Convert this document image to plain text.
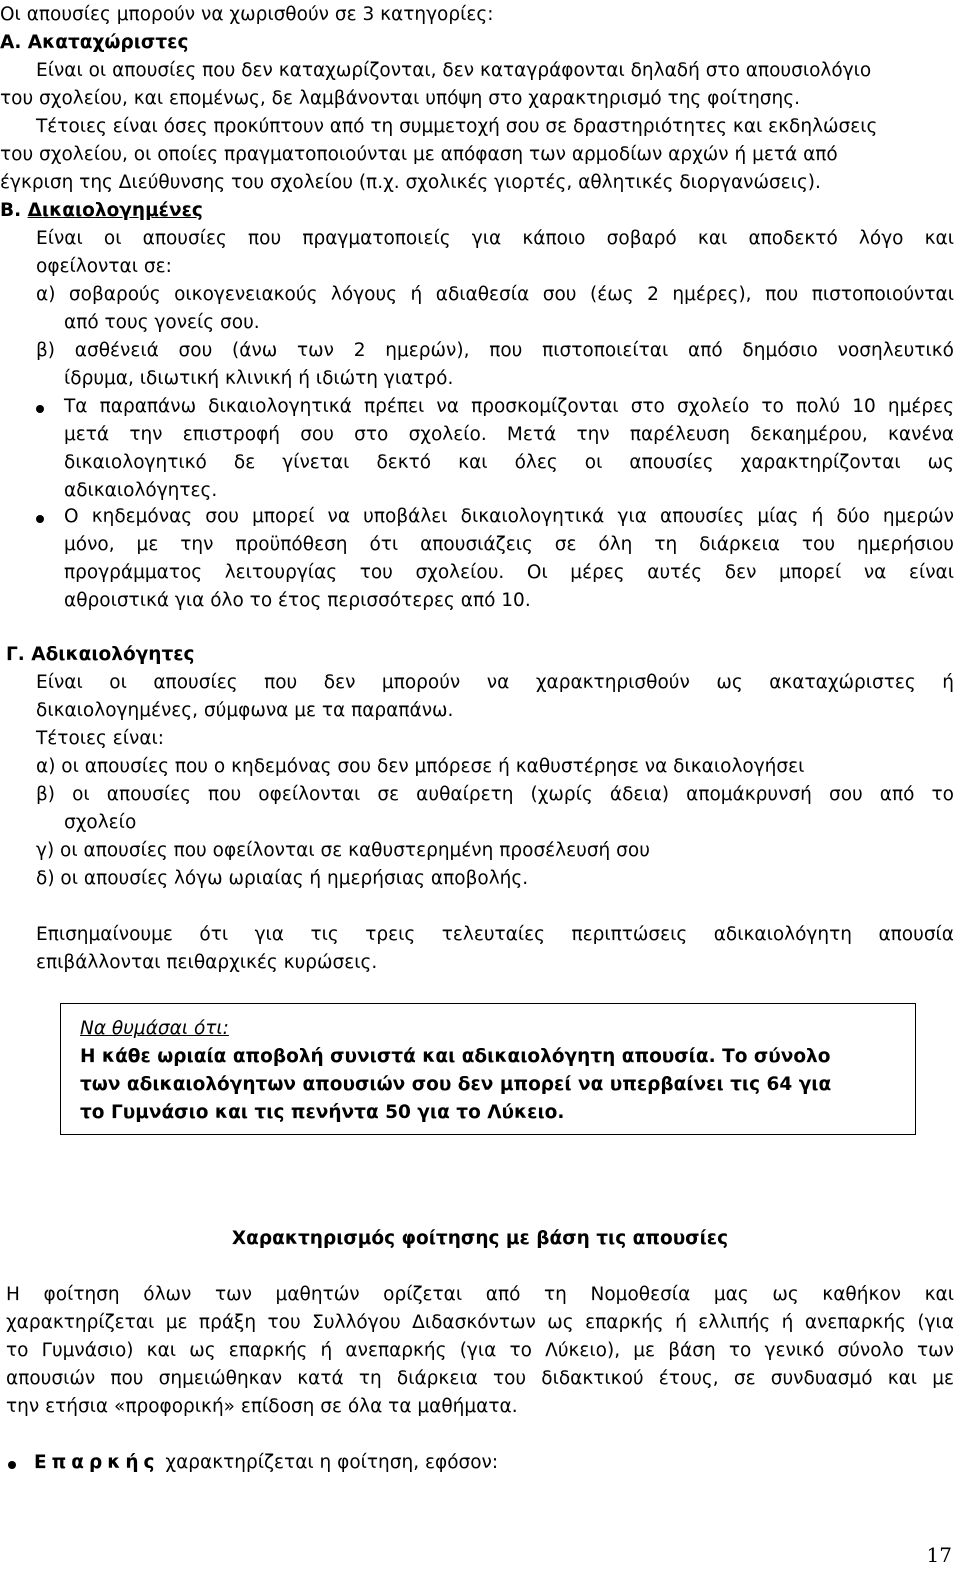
Οι απουσίες μπορούν να χωρισθούν σε 3 κατηγορίες:
Α. Ακαταχώριστες
Είναι οι απουσίες που δεν καταχωρίζονται, δεν καταγράφονται δηλαδή στο απουσιολόγιο
του σχολείου, και επομένως, δε λαμβάνονται υπόψη στο χαρακτηρισμό της φοίτησης.
Τέτοιες είναι όσες προκύπτουν από τη συμμετοχή σου σε δραστηριότητες και εκδηλώσεις
του σχολείου, οι οποίες πραγματοποιούνται με απόφαση των αρμοδίων αρχών ή μετά από
έγκριση της Διεύθυνσης του σχολείου (π.χ. σχολικές γιορτές, αθλητικές διοργανώσεις).
Β. Δικαιολογημένες
Είναι οι απουσίες που πραγματοποιείς για κάποιο σοβαρό και αποδεκτό λόγο και
οφείλονται σε:
α) σοβαρούς οικογενειακούς λόγους ή αδιαθεσία σου (έως 2 ημέρες), που πιστοποιούνται
από τους γονείς σου.
β) ασθένειά σου (άνω των 2 ημερών), που πιστοποιείται από δημόσιο νοσηλευτικό
ίδρυμα, ιδιωτική κλινική ή ιδιώτη γιατρό.
Τα παραπάνω δικαιολογητικά πρέπει να προσκομίζονται στο σχολείο το πολύ 10 ημέρες
μετά την επιστροφή σου στο σχολείο. Μετά την παρέλευση δεκαημέρου, κανένα
δικαιολογητικό δε γίνεται δεκτό και όλες οι απουσίες χαρακτηρίζονται ως
αδικαιολόγητες.
Ο κηδεμόνας σου μπορεί να υποβάλει δικαιολογητικά για απουσίες μίας ή δύο ημερών
μόνο, με την προϋπόθεση ότι απουσιάζεις σε όλη τη διάρκεια του ημερήσιου
προγράμματος λειτουργίας του σχολείου. Οι μέρες αυτές δεν μπορεί να είναι
αθροιστικά για όλο το έτος περισσότερες από 10.
Γ. Αδικαιολόγητες
Είναι οι απουσίες που δεν μπορούν να χαρακτηρισθούν ως ακαταχώριστες ή
δικαιολογημένες, σύμφωνα με τα παραπάνω.
Τέτοιες είναι:
α) οι απουσίες που ο κηδεμόνας σου δεν μπόρεσε ή καθυστέρησε να δικαιολογήσει
β) οι απουσίες που οφείλονται σε αυθαίρετη (χωρίς άδεια) απομάκρυνσή σου από το
σχολείο
γ) οι απουσίες που οφείλονται σε καθυστερημένη προσέλευσή σου
δ) οι απουσίες λόγω ωριαίας ή ημερήσιας αποβολής.
Επισημαίνουμε ότι για τις τρεις τελευταίες περιπτώσεις αδικαιολόγητη απουσία
επιβάλλονται πειθαρχικές κυρώσεις.
Να θυμάσαι ότι:
Η κάθε ωριαία αποβολή συνιστά και αδικαιολόγητη απουσία. Το σύνολο
των αδικαιολόγητων απουσιών σου δεν μπορεί να υπερβαίνει τις 64 για
το Γυμνάσιο και τις πενήντα 50 για το Λύκειο.
Χαρακτηρισμός φοίτησης με βάση τις απουσίες
Η φοίτηση όλων των μαθητών ορίζεται από τη Νομοθεσία μας ως καθήκον και
χαρακτηρίζεται με πράξη του Συλλόγου Διδασκόντων ως επαρκής ή ελλιπής ή ανεπαρκής (για
το Γυμνάσιο) και ως επαρκής ή ανεπαρκής (για το Λύκειο), με βάση το γενικό σύνολο των
απουσιών που σημειώθηκαν κατά τη διάρκεια του διδακτικού έτους, σε συνδυασμό και με
την ετήσια «προφορική» επίδοση σε όλα τα μαθήματα.
Επαρκής χαρακτηρίζεται η φοίτηση, εφόσον:
17
